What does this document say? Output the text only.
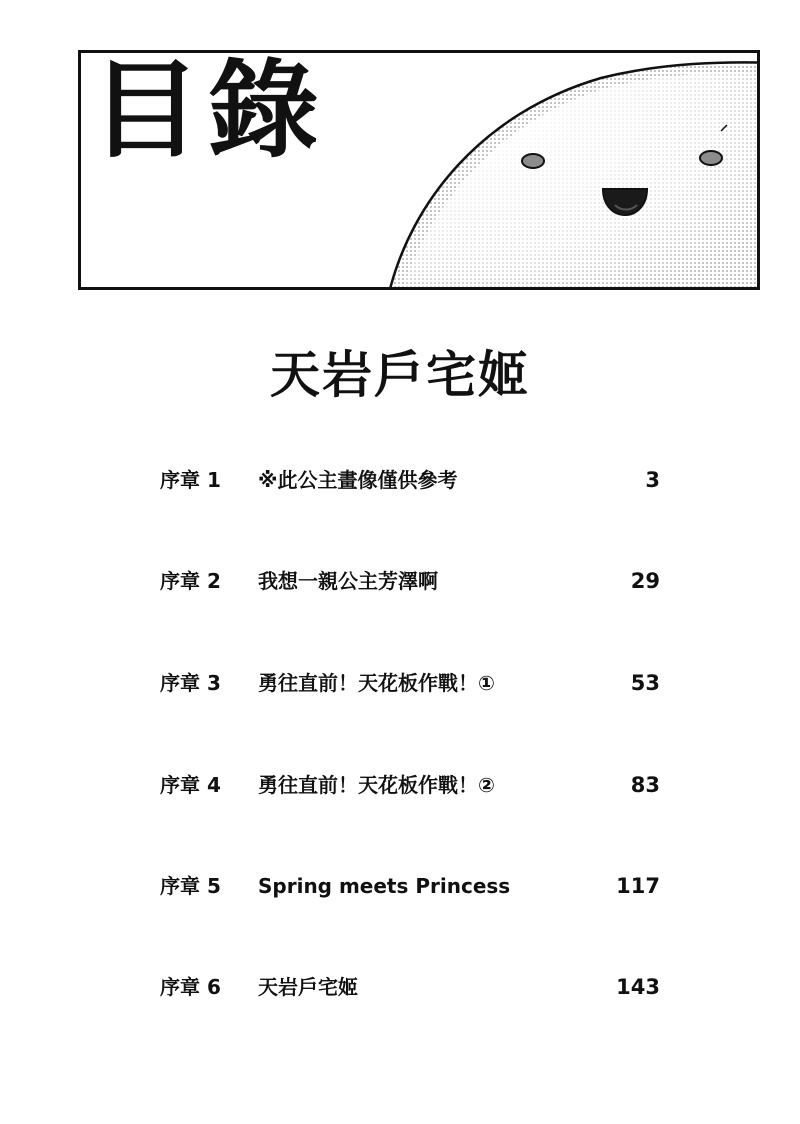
目錄
天岩戶宅姬
序章 1 ※此公主畫像僅供參考	3
序章 2 我想一親公主芳澤啊	29
序章 3 勇往直前！天花板作戰！①	53
序章 4 勇往直前！天花板作戰！②	83
序章 5 Spring meets Princess	117
序章 6 天岩戶宅姬	143
